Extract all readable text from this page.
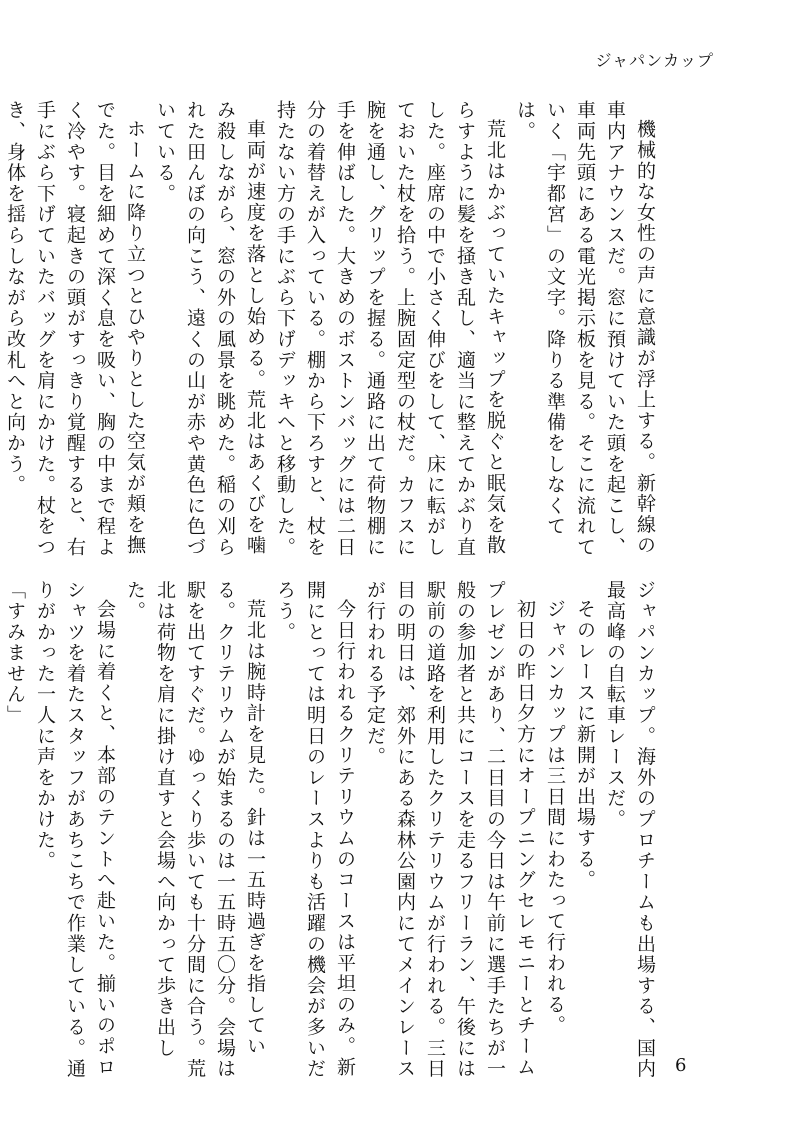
ジャパンカップ

機械的な女性の声に意識が浮上する。新幹線の車内アナウンスだ。窓に預けていた頭を起こし、車両先頭にある電光掲示板を見る。そこに流れていく「宇都宮」の文字。降りる準備をしなくては。

荒北はかぶっていたキャップを脱ぐと眠気を散らすように髪を掻き乱し、適当に整えてかぶり直した。座席の中で小さく伸びをして、床に転がしておいた杖を拾う。上腕固定型の杖だ。カフスに腕を通し、グリップを握る。通路に出て荷物棚に手を伸ばした。大きめのボストンバッグには二日分の着替えが入っている。棚から下ろすと、杖を持たない方の手にぶら下げデッキへと移動した。

車両が速度を落とし始める。荒北はあくびを噛み殺しながら、窓の外の風景を眺めた。稲の刈られた田んぼの向こう、遠くの山が赤や黄色に色づいている。

ホームに降り立つとひやりとした空気が頬を撫でた。目を細めて深く息を吸い、胸の中まで程よく冷やす。寝起きの頭がすっきり覚醒すると、右手にぶら下げていたバッグを肩にかけた。杖をつき、身体を揺らしながら改札へと向かう。

ジャパンカップ。海外のプロチームも出場する、国内最高峰の自転車レースだ。

そのレースに新開が出場する。

ジャパンカップは三日間にわたって行われる。

初日の昨日夕方にオープニングセレモニーとチームプレゼンがあり、二日目の今日は午前に選手たちが一般の参加者と共にコースを走るフリーラン、午後には駅前の道路を利用したクリテリウムが行われる。三日目の明日は、郊外にある森林公園内にてメインレースが行われる予定だ。

今日行われるクリテリウムのコースは平坦のみ。新開にとっては明日のレースよりも活躍の機会が多いだろう。

荒北は腕時計を見た。針は一五時過ぎを指している。クリテリウムが始まるのは一五時五〇分。会場は駅を出てすぐだ。ゆっくり歩いても十分間に合う。荒北は荷物を肩に掛け直すと会場へ向かって歩き出した。

会場に着くと、本部のテントへ赴いた。揃いのポロシャツを着たスタッフがあちこちで作業している。通りがかった一人に声をかけた。

「すみません」

6
